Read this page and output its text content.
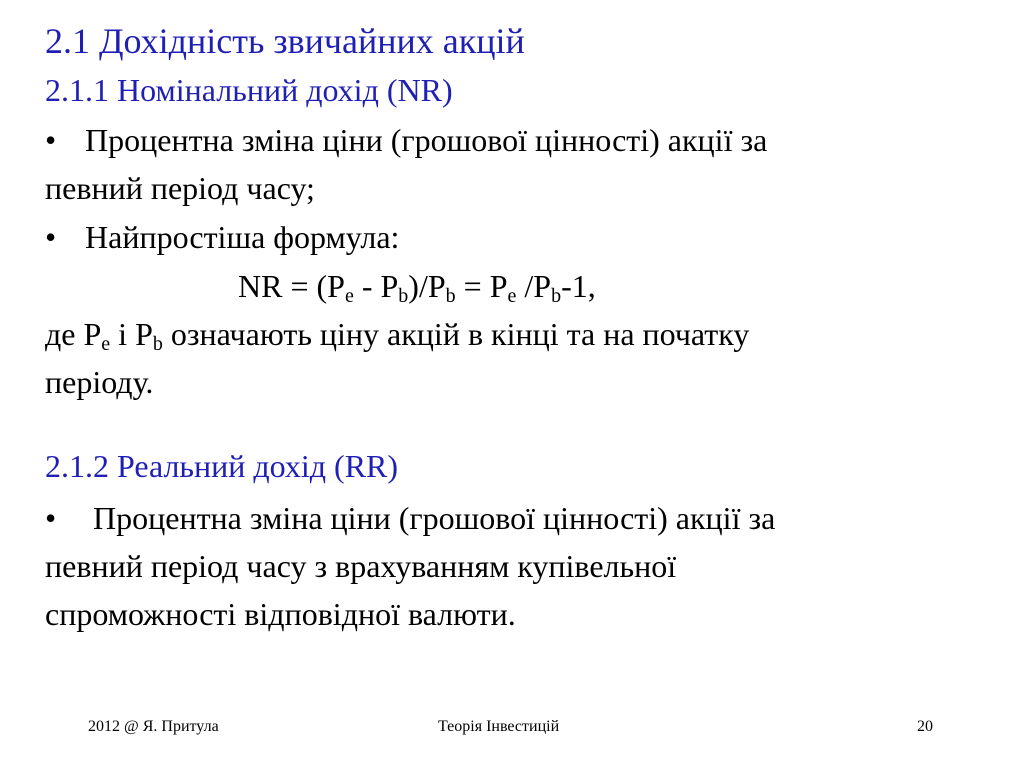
2.1 Дохідність звичайних акцій
2.1.1 Номінальний дохід (NR)
• Процентна зміна ціни (грошової цінності) акції за
певний період часу;
• Найпростіша формула:
NR = $(P_e - P_b)/P_b = P_e$ $/P_b-1$,
де $P_e$ і $P_b$ означають ціну акцій в кінці та на початку
періоду.
2.1.2 Реальний дохід (RR)
• Процентна зміна ціни (грошової цінності) акції за
певний період часу з врахуванням купівельної
спроможності відповідної валюти.
2012 @ Я. Притула	Теорія Інвестицій	20
